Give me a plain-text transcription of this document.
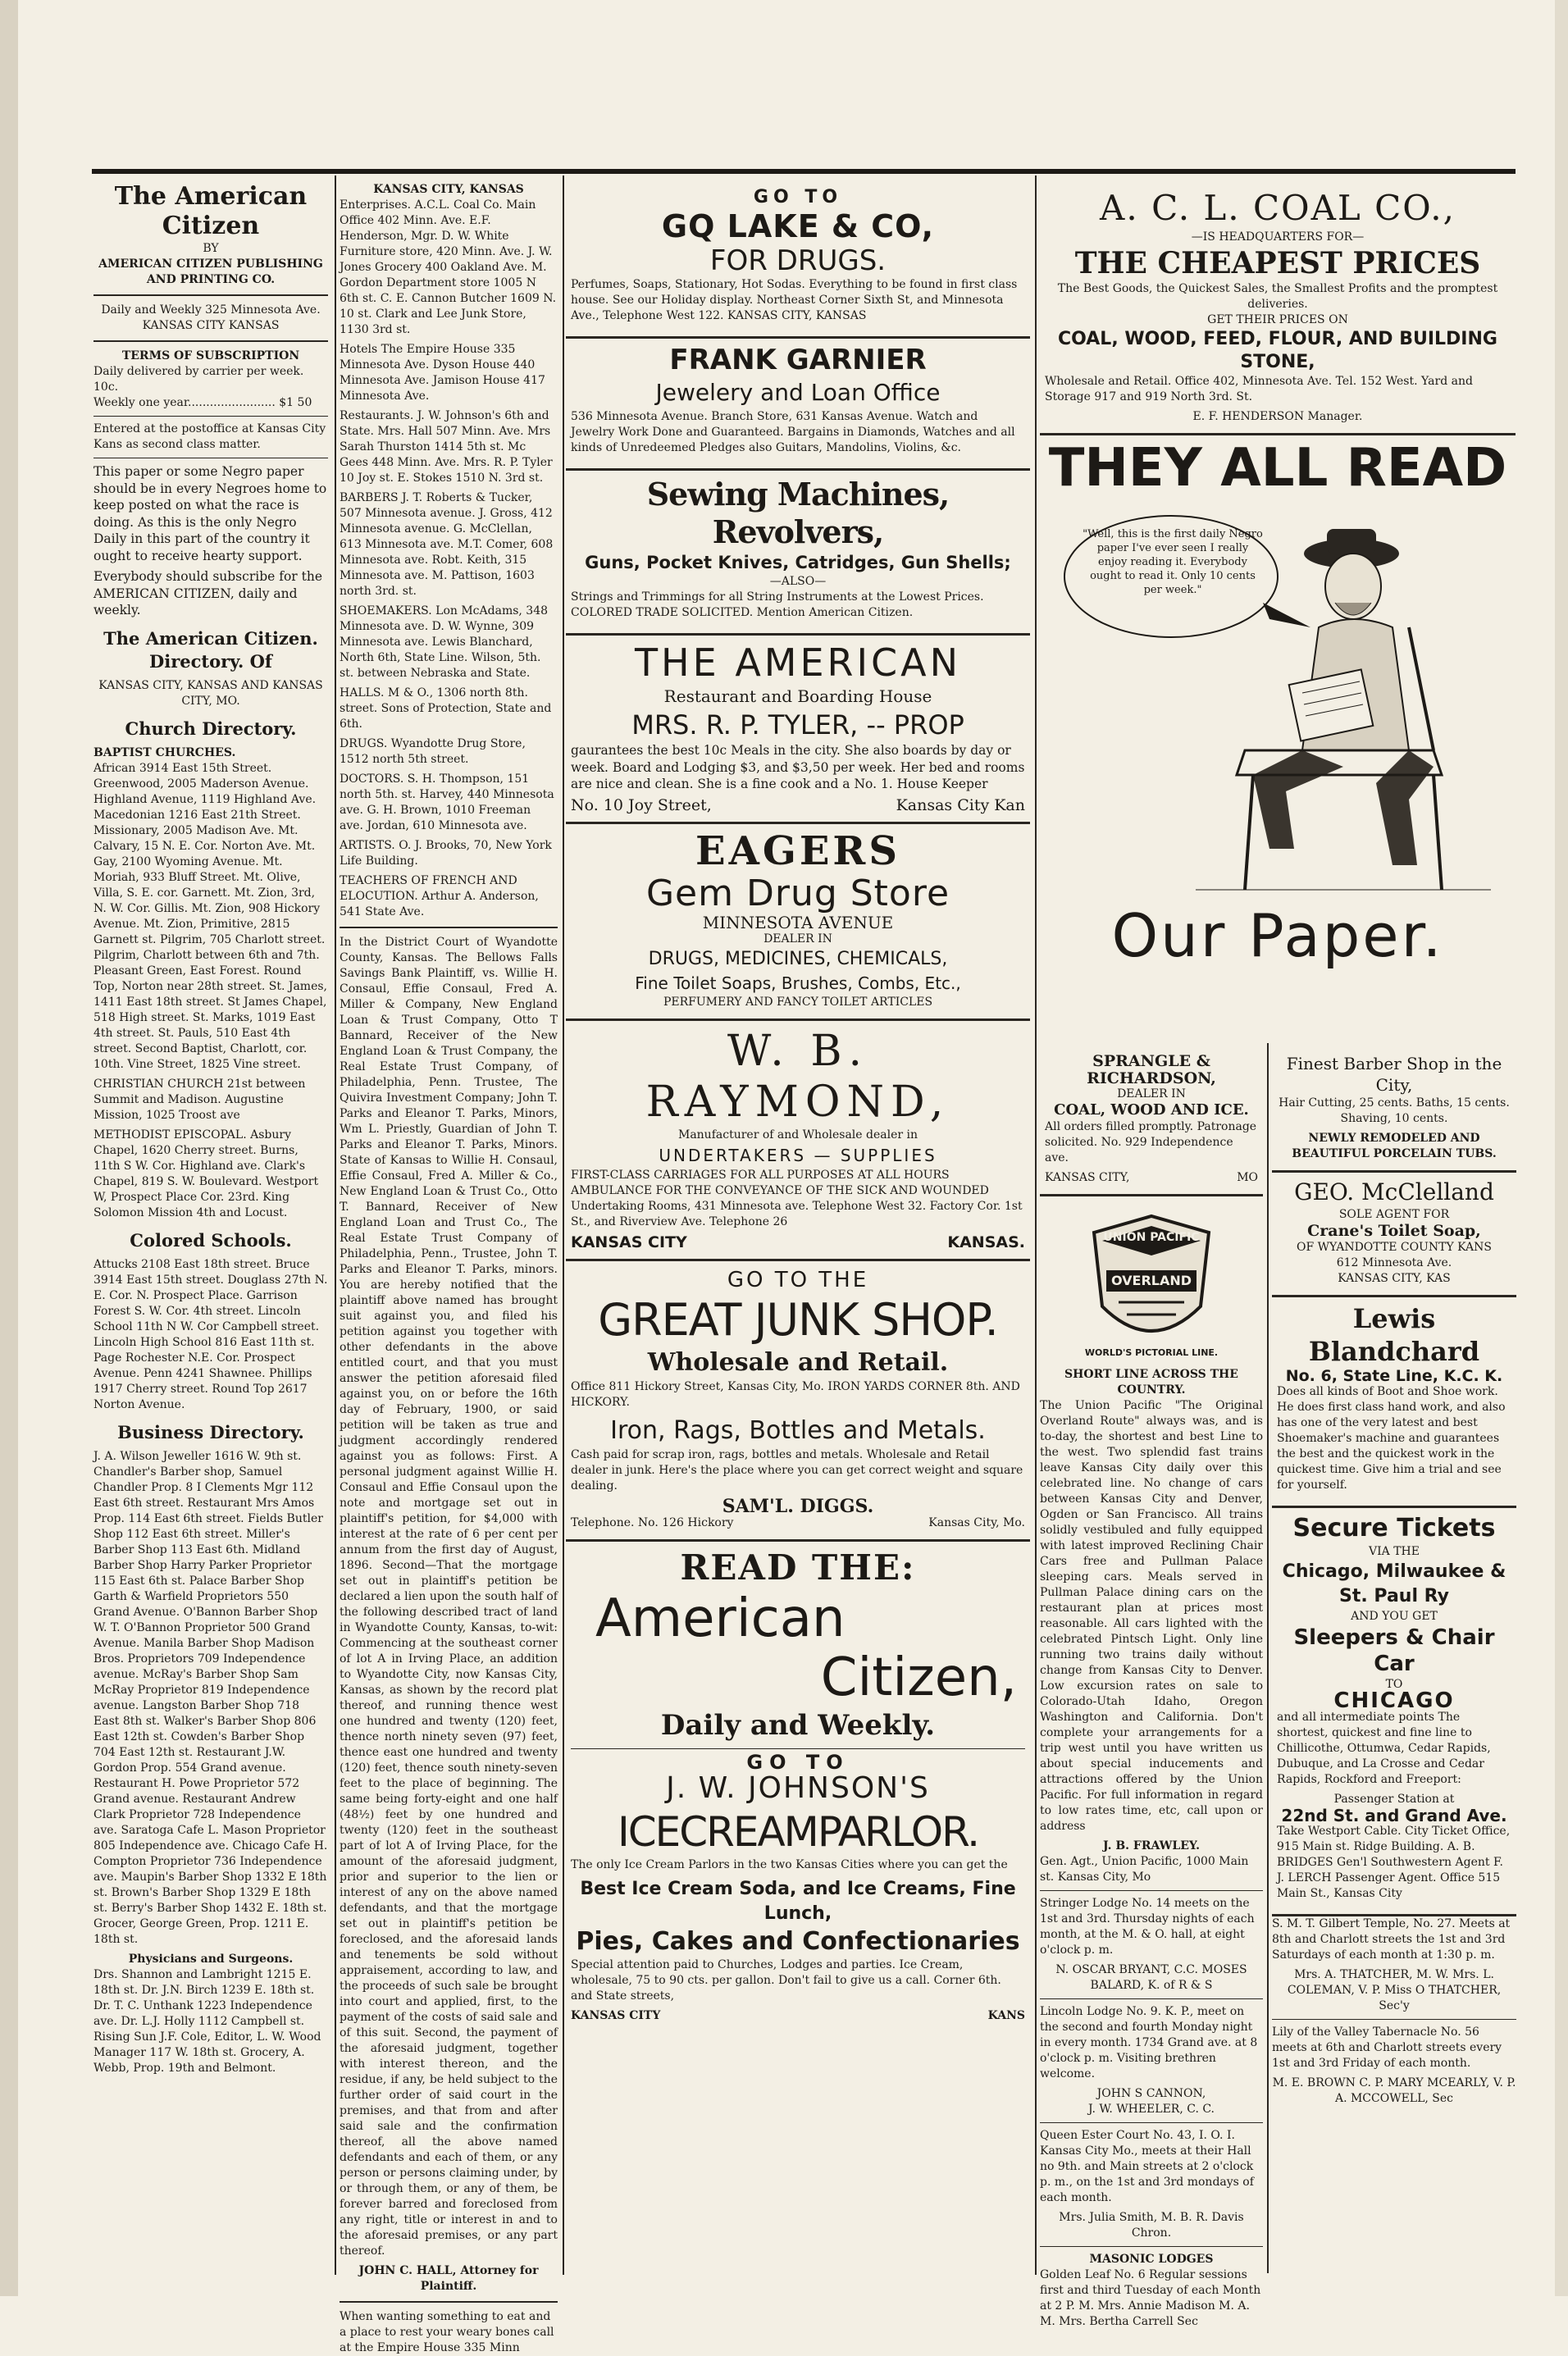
The American Citizen
BY
AMERICAN CITIZEN PUBLISHING AND PRINTING CO.
Daily and Weekly 325 Minnesota Ave. KANSAS CITY KANSAS
TERMS OF SUBSCRIPTION
Daily delivered by carrier per week. 10c.
Weekly one year........................ $1 50

Entered at the postoffice at Kansas City Kans as second class matter.

This paper or some Negro paper should be in every Negroes home to keep posted on what the race is doing. As this is the only Negro Daily in this part of the country it ought to receive hearty support.

Everybody should subscribe for the AMERICAN CITIZEN, daily and weekly.

The American Citizen. Directory. Of
KANSAS CITY, KANSAS AND KANSAS CITY, MO.
Church Directory.
BAPTIST CHURCHES.

African 3914 East 15th Street. Greenwood, 2005 Maderson Avenue. Highland Avenue, 1119 Highland Ave. Macedonian 1216 East 21th Street. Missionary, 2005 Madison Ave. Mt. Calvary, 15 N. E. Cor. Norton Ave. Mt. Gay, 2100 Wyoming Avenue. Mt. Moriah, 933 Bluff Street. Mt. Olive, Villa, S. E. cor. Garnett. Mt. Zion, 3rd, N. W. Cor. Gillis. Mt. Zion, 908 Hickory Avenue. Mt. Zion, Primitive, 2815 Garnett st. Pilgrim, 705 Charlott street. Pilgrim, Charlott between 6th and 7th. Pleasant Green, East Forest. Round Top, Norton near 28th street. St. James, 1411 East 18th street. St James Chapel, 518 High street. St. Marks, 1019 East 4th street. St. Pauls, 510 East 4th street. Second Baptist, Charlott, cor. 10th. Vine Street, 1825 Vine street.

CHRISTIAN CHURCH 21st between Summit and Madison. Augustine Mission, 1025 Troost ave

METHODIST EPISCOPAL. Asbury Chapel, 1620 Cherry street. Burns, 11th S W. Cor. Highland ave. Clark's Chapel, 819 S. W. Boulevard. Westport W, Prospect Place Cor. 23rd. King Solomon Mission 4th and Locust.

Colored Schools.

Attucks 2108 East 18th street. Bruce 3914 East 15th street. Douglass 27th N. E. Cor. N. Prospect Place. Garrison Forest S. W. Cor. 4th street. Lincoln School 11th N W. Cor Campbell street. Lincoln High School 816 East 11th st. Page Rochester N.E. Cor. Prospect Avenue. Penn 4241 Shawnee. Phillips 1917 Cherry street. Round Top 2617 Norton Avenue.

Business Directory.

J. A. Wilson Jeweller 1616 W. 9th st. Chandler's Barber shop, Samuel Chandler Prop. 8 I Clements Mgr 112 East 6th street. Restaurant Mrs Amos Prop. 114 East 6th street. Fields Butler Shop 112 East 6th street. Miller's Barber Shop 113 East 6th. Midland Barber Shop Harry Parker Proprietor 115 East 6th st. Palace Barber Shop Garth & Warfield Proprietors 550 Grand Avenue. O'Bannon Barber Shop W. T. O'Bannon Proprietor 500 Grand Avenue. Manila Barber Shop Madison Bros. Proprietors 709 Independence avenue. McRay's Barber Shop Sam McRay Proprietor 819 Independence avenue. Langston Barber Shop 718 East 8th st. Walker's Barber Shop 806 East 12th st. Cowden's Barber Shop 704 East 12th st. Restaurant J.W. Gordon Prop. 554 Grand avenue. Restaurant H. Powe Proprietor 572 Grand avenue. Restaurant Andrew Clark Proprietor 728 Independence ave. Saratoga Cafe L. Mason Proprietor 805 Independence ave. Chicago Cafe H. Compton Proprietor 736 Independence ave. Maupin's Barber Shop 1332 E 18th st. Brown's Barber Shop 1329 E 18th st. Berry's Barber Shop 1432 E. 18th st. Grocer, George Green, Prop. 1211 E. 18th st.

Physicians and Surgeons.

Drs. Shannon and Lambright 1215 E. 18th st. Dr. J.N. Birch 1239 E. 18th st. Dr. T. C. Unthank 1223 Independence ave. Dr. L.J. Holly 1112 Campbell st. Rising Sun J.F. Cole, Editor, L. W. Wood Manager 117 W. 18th st. Grocery, A. Webb, Prop. 19th and Belmont.

KANSAS CITY, KANSAS

Enterprises. A.C.L. Coal Co. Main Office 402 Minn. Ave. E.F. Henderson, Mgr. D. W. White Furniture store, 420 Minn. Ave. J. W. Jones Grocery 400 Oakland Ave. M. Gordon Department store 1005 N 6th st. C. E. Cannon Butcher 1609 N. 10 st. Clark and Lee Junk Store, 1130 3rd st.

Hotels The Empire House 335 Minnesota Ave. Dyson House 440 Minnesota Ave. Jamison House 417 Minnesota Ave.

Restaurants. J. W. Johnson's 6th and State. Mrs. Hall 507 Minn. Ave. Mrs Sarah Thurston 1414 5th st. Mc Gees 448 Minn. Ave. Mrs. R. P. Tyler 10 Joy st. E. Stokes 1510 N. 3rd st.

BARBERS J. T. Roberts & Tucker, 507 Minnesota avenue. J. Gross, 412 Minnesota avenue. G. McClellan, 613 Minnesota ave. M.T. Comer, 608 Minnesota ave. Robt. Keith, 315 Minnesota ave. M. Pattison, 1603 north 3rd. st.

SHOEMAKERS. Lon McAdams, 348 Minnesota ave. D. W. Wynne, 309 Minnesota ave. Lewis Blanchard, North 6th, State Line. Wilson, 5th. st. between Nebraska and State.

HALLS. M & O., 1306 north 8th. street. Sons of Protection, State and 6th.

DRUGS. Wyandotte Drug Store, 1512 north 5th street.

DOCTORS. S. H. Thompson, 151 north 5th. st. Harvey, 440 Minnesota ave. G. H. Brown, 1010 Freeman ave. Jordan, 610 Minnesota ave.

ARTISTS. O. J. Brooks, 70, New York Life Building.

TEACHERS OF FRENCH AND ELOCUTION. Arthur A. Anderson, 541 State Ave.

In the District Court of Wyandotte County, Kansas. The Bellows Falls Savings Bank Plaintiff, vs. Willie H. Consaul, Effie Consaul, Fred A. Miller & Company, New England Loan & Trust Company, Otto T Bannard, Receiver of the New England Loan & Trust Company, the Real Estate Trust Company, of Philadelphia, Penn. Trustee, The Quivira Investment Company; John T. Parks and Eleanor T. Parks, Minors, Wm L. Priestly, Guardian of John T. Parks and Eleanor T. Parks, Minors. State of Kansas to Willie H. Consaul, Effie Consaul, Fred A. Miller & Co., New England Loan & Trust Co., Otto T. Bannard, Receiver of New England Loan and Trust Co., The Real Estate Trust Company of Philadelphia, Penn., Trustee, John T. Parks and Eleanor T. Parks, minors. You are hereby notified that the plaintiff above named has brought suit against you, and filed his petition against you together with other defendants in the above entitled court, and that you must answer the petition aforesaid filed against you, on or before the 16th day of February, 1900, or said petition will be taken as true and judgment accordingly rendered against you as follows: First. A personal judgment against Willie H. Consaul and Effie Consaul upon the note and mortgage set out in plaintiff's petition, for $4,000 with interest at the rate of 6 per cent per annum from the first day of August, 1896. Second—That the mortgage set out in plaintiff's petition be declared a lien upon the south half of the following described tract of land in Wyandotte County, Kansas, to-wit: Commencing at the southeast corner of lot A in Irving Place, an addition to Wyandotte City, now Kansas City, Kansas, as shown by the record plat thereof, and running thence west one hundred and twenty (120) feet, thence north ninety seven (97) feet, thence east one hundred and twenty (120) feet, thence south ninety-seven feet to the place of beginning. The same being forty-eight and one half (48½) feet by one hundred and twenty (120) feet in the southeast part of lot A of Irving Place, for the amount of the aforesaid judgment, prior and superior to the lien or interest of any on the above named defendants, and that the mortgage set out in plaintiff's petition be foreclosed, and the aforesaid lands and tenements be sold without appraisement, according to law, and the proceeds of such sale be brought into court and applied, first, to the payment of the costs of said sale and of this suit. Second, the payment of the aforesaid judgment, together with interest thereon, and the residue, if any, be held subject to the further order of said court in the premises, and that from and after said sale and the confirmation thereof, all the above named defendants and each of them, or any person or persons claiming under, by or through them, or any of them, be forever barred and foreclosed from any right, title or interest in and to the aforesaid premises, or any part thereof.

JOHN C. HALL, Attorney for Plaintiff.

When wanting something to eat and a place to rest your weary bones call at the Empire House 335 Minn

GO TO
GQ LAKE & CO,
FOR DRUGS.

Perfumes, Soaps, Stationary, Hot Sodas. Everything to be found in first class house. See our Holiday display. Northeast Corner Sixth St, and Minnesota Ave., Telephone West 122. KANSAS CITY, KANSAS

FRANK GARNIER
Jewelery and Loan Office

536 Minnesota Avenue. Branch Store, 631 Kansas Avenue. Watch and Jewelry Work Done and Guaranteed. Bargains in Diamonds, Watches and all kinds of Unredeemed Pledges also Guitars, Mandolins, Violins, &c.

Sewing Machines, Revolvers,
Guns, Pocket Knives, Catridges, Gun Shells;
—ALSO—

Strings and Trimmings for all String Instruments at the Lowest Prices. COLORED TRADE SOLICITED. Mention American Citizen.

THE AMERICAN
Restaurant and Boarding House
MRS. R. P. TYLER, -- PROP

gaurantees the best 10c Meals in the city. She also boards by day or week. Board and Lodging $3, and $3,50 per week. Her bed and rooms are nice and clean. She is a fine cook and a No. 1. House Keeper

No. 10 Joy Street,	Kansas City Kan
EAGERS
Gem Drug Store
MINNESOTA AVENUE
DEALER IN
DRUGS, MEDICINES, CHEMICALS,
Fine Toilet Soaps, Brushes, Combs, Etc.,
PERFUMERY AND FANCY TOILET ARTICLES
W. B. RAYMOND,
Manufacturer of and Wholesale dealer in
UNDERTAKERS — SUPPLIES

FIRST-CLASS CARRIAGES FOR ALL PURPOSES AT ALL HOURS AMBULANCE FOR THE CONVEYANCE OF THE SICK AND WOUNDED Undertaking Rooms, 431 Minnesota ave. Telephone West 32. Factory Cor. 1st St., and Riverview Ave. Telephone 26

KANSAS CITY	KANSAS.
GO TO THE
GREAT JUNK SHOP.
Wholesale and Retail.

Office 811 Hickory Street, Kansas City, Mo. IRON YARDS CORNER 8th. AND HICKORY.

Iron, Rags, Bottles and Metals.

Cash paid for scrap iron, rags, bottles and metals. Wholesale and Retail dealer in junk. Here's the place where you can get correct weight and square dealing.

SAM'L. DIGGS.
Telephone. No. 126 Hickory	Kansas City, Mo.
READ THE:
American
Citizen,
Daily and Weekly.
GO TO
J. W. JOHNSON'S
ICECREAMPARLOR.

The only Ice Cream Parlors in the two Kansas Cities where you can get the

Best Ice Cream Soda, and Ice Creams, Fine Lunch,
Pies, Cakes and Confectionaries

Special attention paid to Churches, Lodges and parties. Ice Cream, wholesale, 75 to 90 cts. per gallon. Don't fail to give us a call. Corner 6th. and State streets,

KANSAS CITY	KANS
A. C. L. COAL CO.,
—IS HEADQUARTERS FOR—
THE CHEAPEST PRICES
The Best Goods, the Quickest Sales, the Smallest Profits and the promptest deliveries.
GET THEIR PRICES ON
COAL, WOOD, FEED, FLOUR, AND BUILDING STONE,

Wholesale and Retail. Office 402, Minnesota Ave. Tel. 152 West. Yard and Storage 917 and 919 North 3rd. St.

E. F. HENDERSON Manager.
THEY ALL READ
"Well, this is the first daily Negro paper I've ever seen I really enjoy reading it. Everybody ought to read it. Only 10 cents per week."
Our Paper.
SPRANGLE & RICHARDSON,
DEALER IN
COAL, WOOD AND ICE.

All orders filled promptly. Patronage solicited. No. 929 Independence ave.

KANSAS CITY,	MO
UNION PACIFIC
OVERLAND
WORLD'S PICTORIAL LINE.
SHORT LINE ACROSS THE COUNTRY.

The Union Pacific "The Original Overland Route" always was, and is to-day, the shortest and best Line to the west. Two splendid fast trains leave Kansas City daily over this celebrated line. No change of cars between Kansas City and Denver, Ogden or San Francisco. All trains solidly vestibuled and fully equipped with latest improved Reclining Chair Cars free and Pullman Palace sleeping cars. Meals served in Pullman Palace dining cars on the restaurant plan at prices most reasonable. All cars lighted with the celebrated Pintsch Light. Only line running two trains daily without change from Kansas City to Denver. Low excursion rates on sale to Colorado-Utah Idaho, Oregon Washington and California. Don't complete your arrangements for a trip west until you have written us about special inducements and attractions offered by the Union Pacific. For full information in regard to low rates time, etc, call upon or address

J. B. FRAWLEY.
Gen. Agt., Union Pacific, 1000 Main st. Kansas City, Mo

Stringer Lodge No. 14 meets on the 1st and 3rd. Thursday nights of each month, at the M. & O. hall, at eight o'clock p. m.

N. OSCAR BRYANT, C.C. MOSES BALARD, K. of R & S

Lincoln Lodge No. 9. K. P., meet on the second and fourth Monday night in every month. 1734 Grand ave. at 8 o'clock p. m. Visiting brethren welcome.

JOHN S CANNON,
J. W. WHEELER, C. C.

Queen Ester Court No. 43, I. O. I. Kansas City Mo., meets at their Hall no 9th. and Main streets at 2 o'clock p. m., on the 1st and 3rd mondays of each month.

Mrs. Julia Smith, M. B. R. Davis Chron.
MASONIC LODGES

Golden Leaf No. 6 Regular sessions first and third Tuesday of each Month at 2 P. M. Mrs. Annie Madison M. A. M. Mrs. Bertha Carrell Sec

Finest Barber Shop in the City,

Hair Cutting, 25 cents. Baths, 15 cents. Shaving, 10 cents.

NEWLY REMODELED AND BEAUTIFUL PORCELAIN TUBS.
GEO. McClelland
SOLE AGENT FOR
Crane's Toilet Soap,
OF WYANDOTTE COUNTY KANS
612 Minnesota Ave.
KANSAS CITY, KAS
Lewis Blandchard
No. 6, State Line, K.C. K.

Does all kinds of Boot and Shoe work. He does first class hand work, and also has one of the very latest and best Shoemaker's machine and guarantees the best and the quickest work in the quickest time. Give him a trial and see for yourself.

Secure Tickets
VIA THE
Chicago, Milwaukee & St. Paul Ry
AND YOU GET
Sleepers & Chair Car
TO
CHICAGO

and all intermediate points The shortest, quickest and fine line to Chillicothe, Ottumwa, Cedar Rapids, Dubuque, and La Crosse and Cedar Rapids, Rockford and Freeport:

Passenger Station at
22nd St. and Grand Ave.

Take Westport Cable. City Ticket Office, 915 Main st. Ridge Building. A. B. BRIDGES Gen'l Southwestern Agent F. J. LERCH Passenger Agent. Office 515 Main St., Kansas City

S. M. T. Gilbert Temple, No. 27. Meets at 8th and Charlott streets the 1st and 3rd Saturdays of each month at 1:30 p. m.

Mrs. A. THATCHER, M. W. Mrs. L. COLEMAN, V. P. Miss O THATCHER, Sec'y

Lily of the Valley Tabernacle No. 56 meets at 6th and Charlott streets every 1st and 3rd Friday of each month.

M. E. BROWN C. P. MARY MCEARLY, V. P. A. MCCOWELL, Sec
